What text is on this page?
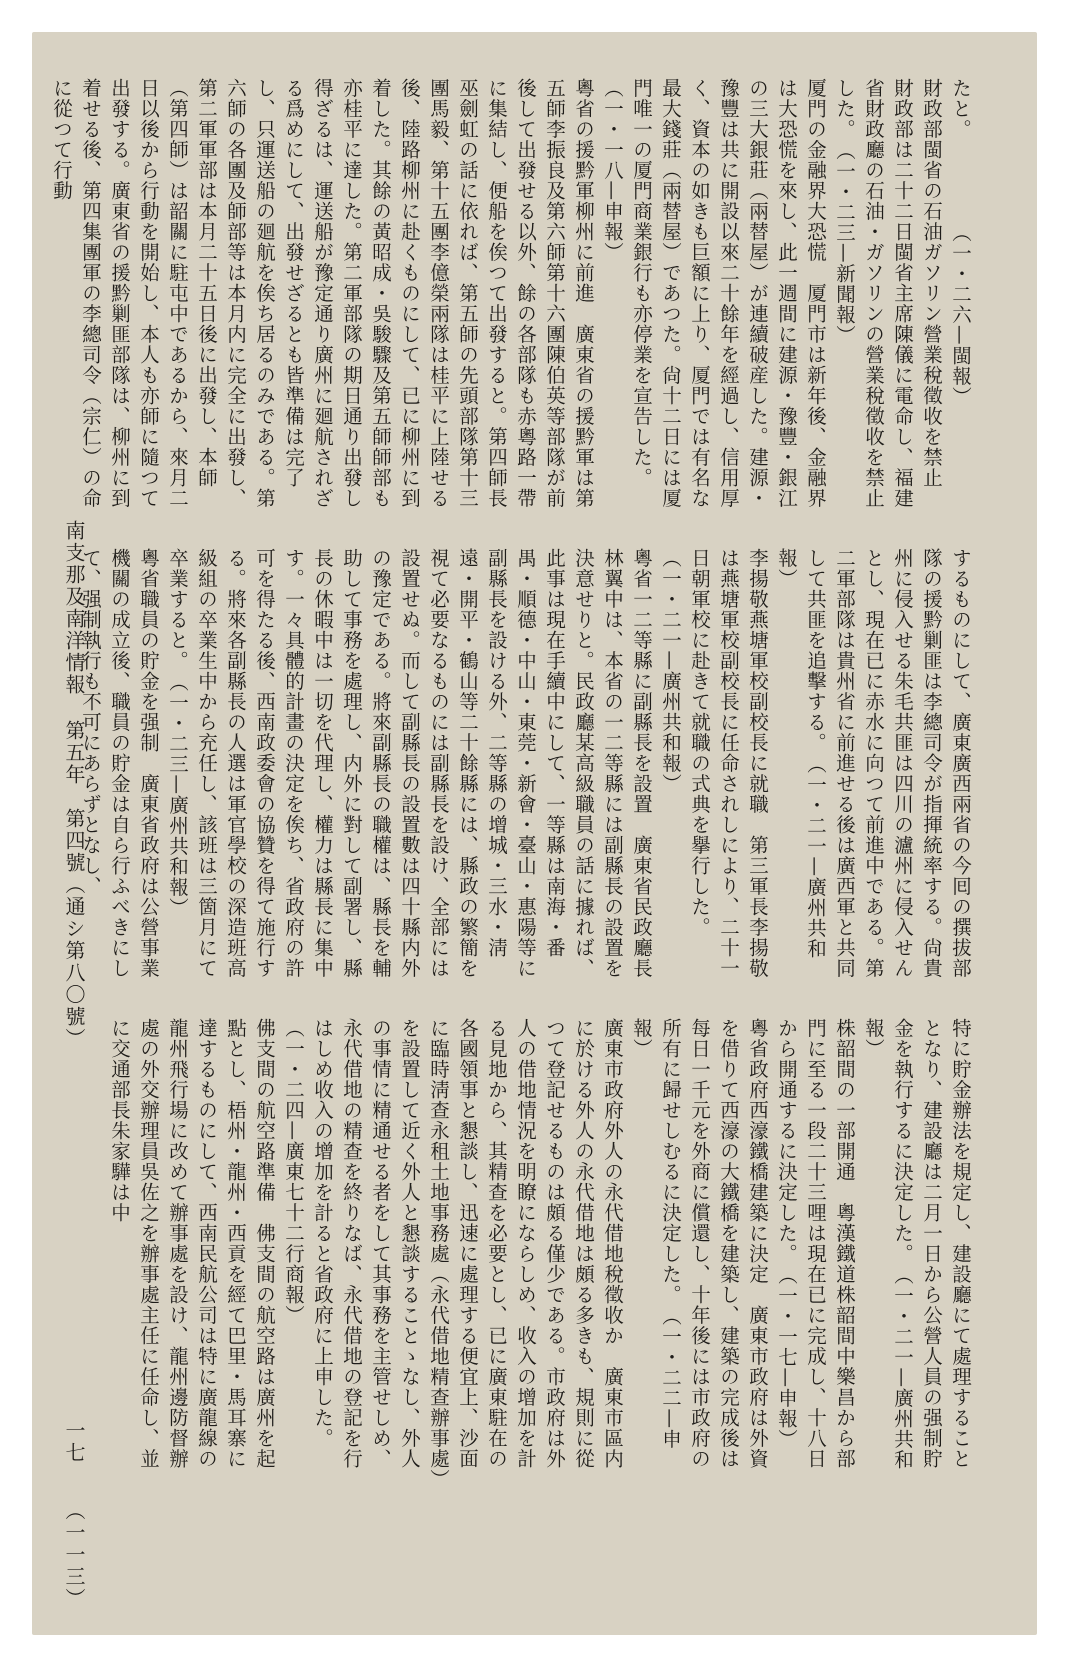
たと。　　　　　（一・二六—閩報）
財政部閩省の石油ガソリン營業稅徵收を禁止　財政部は二十二日閩省主席陳儀に電命し、福建省財政廳の石油・ガソリンの營業稅徵收を禁止した。　（一・二三—新聞報）
厦門の金融界大恐慌　厦門市は新年後、金融界は大恐慌を來し、此一週間に建源・豫豐・銀江の三大銀莊（兩替屋）が連續破産した。建源・豫豐は共に開設以來二十餘年を經過し、信用厚く、資本の如きも巨額に上り、厦門では有名な最大錢莊（兩替屋）であつた。尙十二日には厦門唯一の厦門商業銀行も亦停業を宣告した。　（一・一八—申報）
粵省の援黔軍柳州に前進　廣東省の援黔軍は第五師李振良及第六師第十六團陳伯英等部隊が前後して出發せる以外、餘の各部隊も赤粵路一帶に集結し、便船を俟つて出發すると。第四師長巫劍虹の話に依れば、第五師の先頭部隊第十三團馬毅、第十五團李億榮兩隊は桂平に上陸せる後、陸路柳州に赴くものにして、已に柳州に到着した。其餘の黃昭成・吳駿驟及第五師師部も亦桂平に達した。第二軍部隊の期日通り出發し得ざるは、運送船が豫定通り廣州に廻航されざる爲めにして、出發せざるとも皆準備は完了し、只運送船の廻航を俟ち居るのみである。第六師の各團及師部等は本月内に完全に出發し、第二軍軍部は本月二十五日後に出發し、本師（第四師）は韶關に駐屯中であるから、來月二日以後から行動を開始し、本人も亦師に隨つて出發する。廣東省の援黔剿匪部隊は、柳州に到着せる後、第四集團軍の李總司令（宗仁）の命に從つて行動
するものにして、廣東廣西兩省の今囘の撰拔部隊の援黔剿匪は李總司令が指揮統率する。尙貴州に侵入せる朱毛共匪は四川の瀘州に侵入せんとし、現在已に赤水に向つて前進中である。第二軍部隊は貴州省に前進せる後は廣西軍と共同して共匪を追擊する。　（一・二一—廣州共和報）
李揚敬燕塘軍校副校長に就職　第三軍長李揚敬は燕塘軍校副校長に任命されしにより、二十一日朝軍校に赴きて就職の式典を擧行した。　（一・二一—廣州共和報）
粵省一二等縣に副縣長を設置　廣東省民政廳長林翼中は、本省の一二等縣には副縣長の設置を決意せりと。民政廳某高級職員の話に據れば、此事は現在手續中にして、一等縣は南海・番禺・順德・中山・東莞・新會・臺山・惠陽等に副縣長を設ける外、二等縣の增城・三水・淸遠・開平・鶴山等二十餘縣には、縣政の繁簡を視て必要なるものには副縣長を設け、全部には設置せぬ。而して副縣長の設置數は四十縣内外の豫定である。將來副縣長の職權は、縣長を輔助して事務を處理し、内外に對して副署し、縣長の休暇中は一切を代理し、權力は縣長に集中す。一々具體的計畫の決定を俟ち、省政府の許可を得たる後、西南政委會の協贊を得て施行する。將來各副縣長の人選は軍官學校の深造班高級組の卒業生中から充任し、該班は三箇月にて卒業すると。　（一・二三—廣州共和報）
粵省職員の貯金を强制　廣東省政府は公營事業機關の成立後、職員の貯金は自ら行ふべきにして、强制執行も不可にあらずとなし、
特に貯金辦法を規定し、建設廳にて處理することとなり、建設廳は二月一日から公營人員の强制貯金を執行するに決定した。　（一・二一—廣州共和報）
株韶間の一部開通　粵漢鐵道株韶間中樂昌から部門に至る一段二十三哩は現在已に完成し、十八日から開通するに決定した。　（一・一七—申報）
粵省政府西濠鐵橋建築に決定　廣東市政府は外資を借りて西濠の大鐵橋を建築し、建築の完成後は每日一千元を外商に償還し、十年後には市政府の所有に歸せしむるに決定した。　（一・二二—申報）
廣東市政府外人の永代借地稅徵收か　廣東市區内に於ける外人の永代借地は頗る多きも、規則に從つて登記せるものは頗る僅少である。市政府は外人の借地情況を明瞭にならしめ、收入の增加を計る見地から、其精查を必要とし、已に廣東駐在の各國領事と懇談し、迅速に處理する便宜上、沙面に臨時淸查永租土地事務處（永代借地精查辦事處）を設置して近く外人と懇談することゝなし、外人の事情に精通せる者をして其事務を主管せしめ、永代借地の精查を終りなば、永代借地の登記を行はしめ收入の增加を計ると省政府に上申した。　（一・二四—廣東七十二行商報）
佛支間の航空路準備　佛支間の航空路は廣州を起點とし、梧州・龍州・西貢を經て巴里・馬耳寨に達するものにして、西南民航公司は特に廣龍線の龍州飛行場に改めて辦事處を設け、龍州邊防督辦處の外交辦理員吳佐之を辦事處主任に任命し、並に交通部長朱家驊は中
南支那及南洋情報
第五年　第四號（通シ第八〇號）
一七
（一一三）
